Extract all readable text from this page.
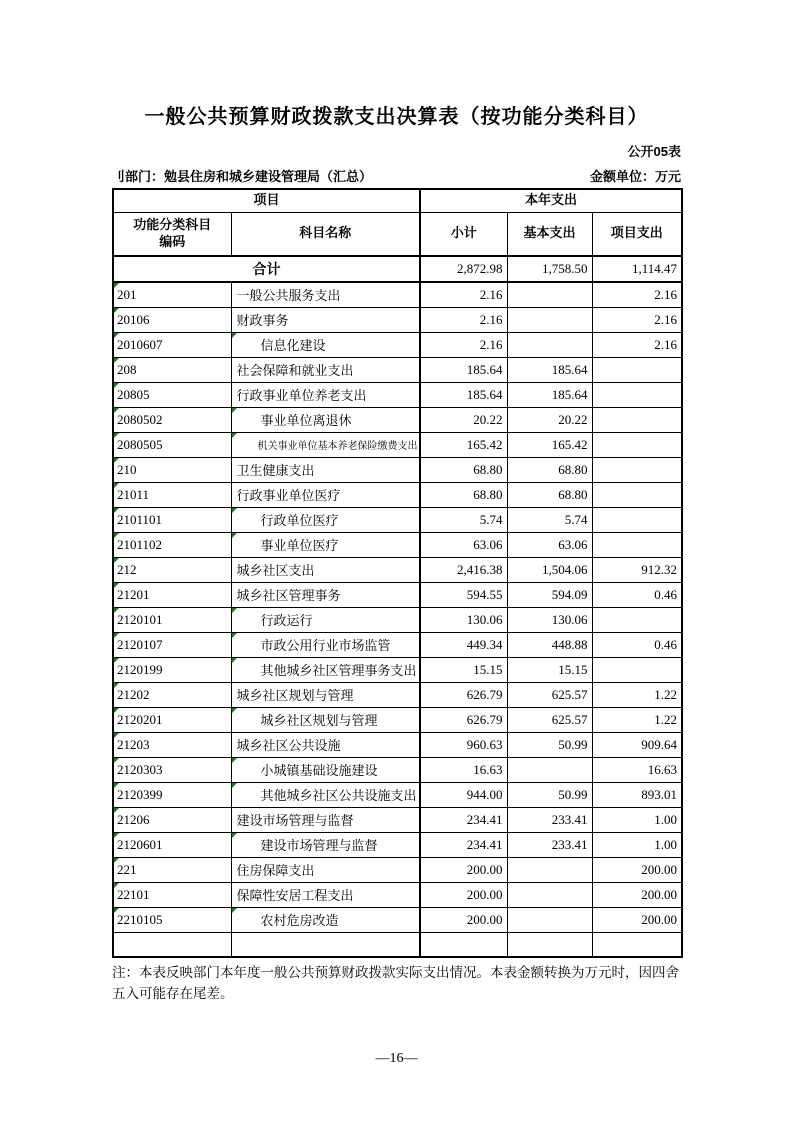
一般公共预算财政拨款支出决算表（按功能分类科目）
公开05表
刂部门：勉县住房和城乡建设管理局（汇总）	金额单位：万元
项目		本年支出		
功能分类科目
编码	科目名称	小计	基本支出	项目支出
合计		2,872.98	1,758.50	1,114.47

201	一般公共服务支出	2.16		2.16

20106	财政事务	2.16		2.16

2010607	信息化建设	2.16		2.16

208	社会保障和就业支出	185.64	185.64	

20805	行政事业单位养老支出	185.64	185.64	

2080502	事业单位离退休	20.22	20.22	

2080505	机关事业单位基本养老保险缴费支出	165.42	165.42	

210	卫生健康支出	68.80	68.80	

21011	行政事业单位医疗	68.80	68.80	

2101101	行政单位医疗	5.74	5.74	

2101102	事业单位医疗	63.06	63.06	

212	城乡社区支出	2,416.38	1,504.06	912.32

21201	城乡社区管理事务	594.55	594.09	0.46

2120101	行政运行	130.06	130.06	

2120107	市政公用行业市场监管	449.34	448.88	0.46

2120199	其他城乡社区管理事务支出	15.15	15.15	

21202	城乡社区规划与管理	626.79	625.57	1.22

2120201	城乡社区规划与管理	626.79	625.57	1.22

21203	城乡社区公共设施	960.63	50.99	909.64

2120303	小城镇基础设施建设	16.63		16.63

2120399	其他城乡社区公共设施支出	944.00	50.99	893.01

21206	建设市场管理与监督	234.41	233.41	1.00

2120601	建设市场管理与监督	234.41	233.41	1.00

221	住房保障支出	200.00		200.00

22101	保障性安居工程支出	200.00		200.00

2210105	农村危房改造	200.00		200.00

注：本表反映部门本年度一般公共预算财政拨款实际支出情况。本表金额转换为万元时，因四舍五入可能存在尾差。
—16—
